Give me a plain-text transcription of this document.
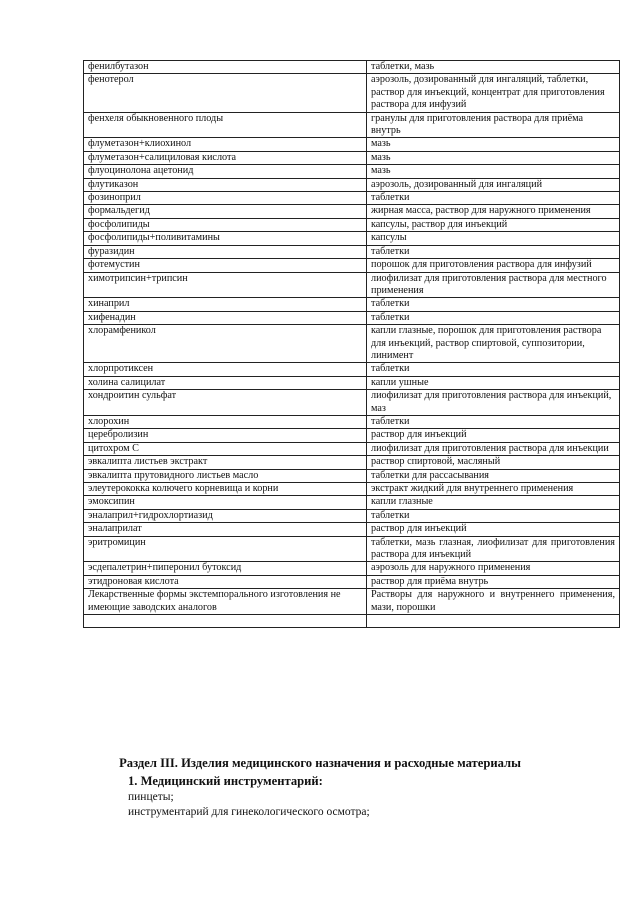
фенилбутазон	таблетки, мазь
фенотерол	аэрозоль, дозированный для ингаляций, таблетки, раствор для инъекций, концентрат для приготовления раствора для инфузий
фенхеля обыкновенного плоды	гранулы для приготовления раствора для приёма внутрь
флуметазон+клиохинол	мазь
флуметазон+салициловая кислота	мазь
флуоцинолона ацетонид	мазь
флутиказон	аэрозоль, дозированный для ингаляций
фозиноприл	таблетки
формальдегид	жирная масса, раствор для наружного применения
фосфолипиды	капсулы, раствор для инъекций
фосфолипиды+поливитамины	капсулы
фуразидин	таблетки
фотемустин	порошок для приготовления раствора для инфузий
химотрипсин+трипсин	лиофилизат для приготовления раствора для местного применения
хинаприл	таблетки
хифенадин	таблетки
хлорамфеникол	капли глазные, порошок для приготовления раствора для инъекций, раствор спиртовой, суппозитории, линимент
хлорпротиксен	таблетки
холина салицилат	капли ушные
хондроитин сульфат	лиофилизат для приготовления раствора для инъекций, маз
хлорохин	таблетки
церебролизин	раствор для инъекций
цитохром С	лиофилизат для приготовления раствора для инъекции
эвкалипта листьев экстракт	раствор спиртовой, масляный
эвкалипта прутовидного листьев масло	таблетки для рассасывания
элеутерококка колючего корневища и корни	экстракт жидкий для внутреннего применения
эмоксипин	капли глазные
эналаприл+гидрохлортиазид	таблетки
эналаприлат	раствор для инъекций
эритромицин	таблетки, мазь глазная, лиофилизат для приготовления раствора для инъекций
эсдепалетрин+пиперонил бутоксид	аэрозоль для наружного применения
этидроновая кислота	раствор для приёма внутрь
Лекарственные формы экстемпорального изготовления не имеющие заводских аналогов	Растворы для наружного и внутреннего применения, мази, порошки

Раздел III. Изделия медицинского назначения и расходные материалы
1. Медицинский инструментарий:
пинцеты;
инструментарий для гинекологического осмотра;
